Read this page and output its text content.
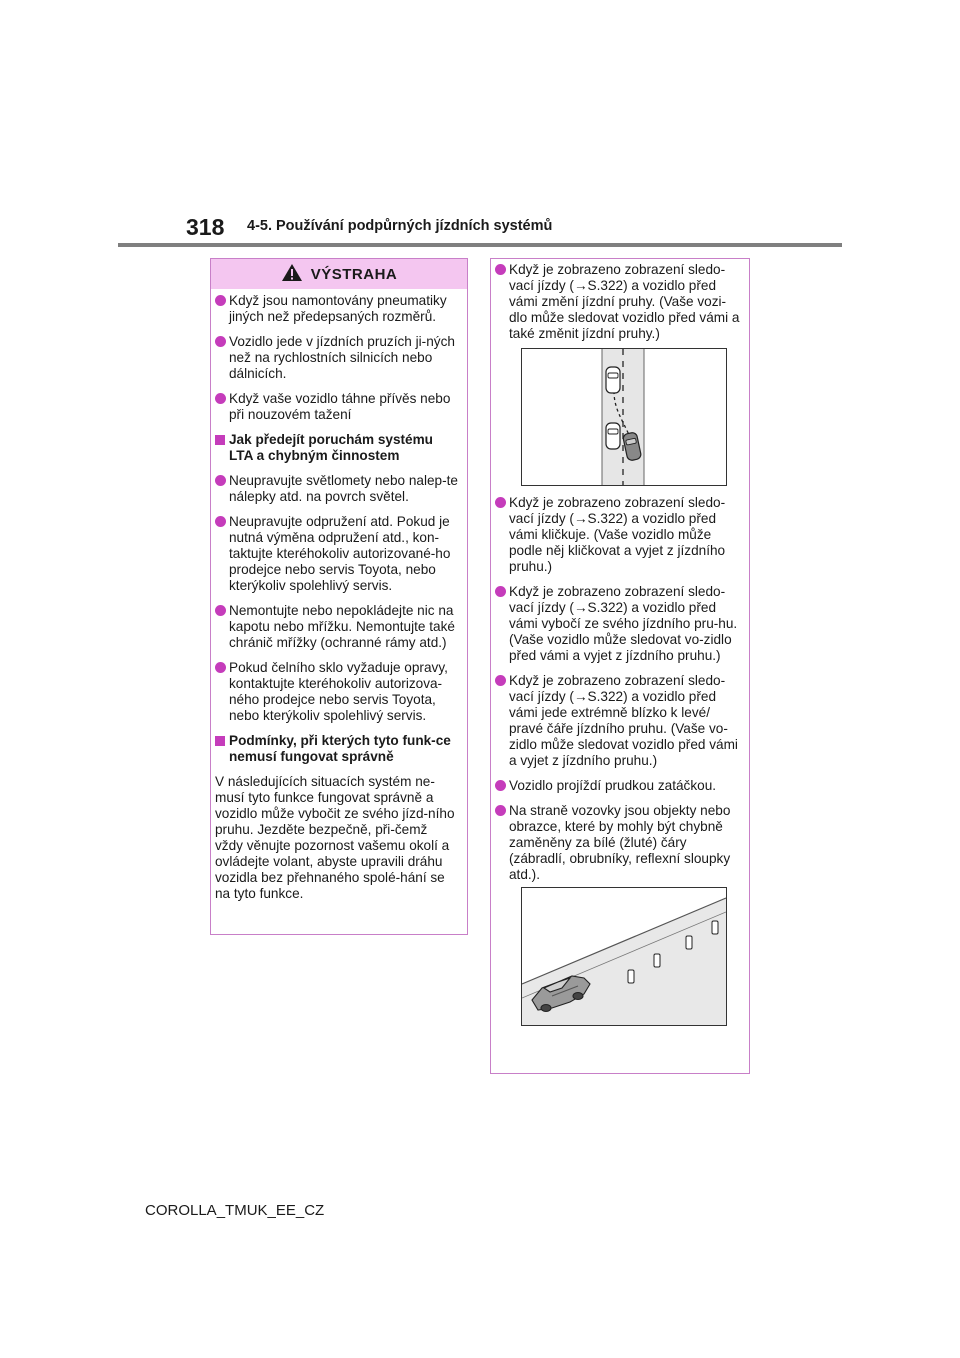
318 4-5. Používání podpůrných jízdních systémů
VÝSTRAHA
Když jsou namontovány pneumatiky jiných než předepsaných rozměrů.
Vozidlo jede v jízdních pruzích ji-ných než na rychlostních silnicích nebo dálnicích.
Když vaše vozidlo táhne přívěs nebo při nouzovém tažení
Jak předejít poruchám systému LTA a chybným činnostem
Neupravujte světlomety nebo nalep-te nálepky atd. na povrch světel.
Neupravujte odpružení atd. Pokud je nutná výměna odpružení atd., kon-taktujte kteréhokoliv autorizované-ho prodejce nebo servis Toyota, nebo kterýkoliv spolehlivý servis.
Nemontujte nebo nepokládejte nic na kapotu nebo mřížku. Nemontujte také chránič mřížky (ochranné rámy atd.)
Pokud čelního sklo vyžaduje opravy, kontaktujte kteréhokoliv autorizova-ného prodejce nebo servis Toyota, nebo kterýkoliv spolehlivý servis.
Podmínky, při kterých tyto funk-ce nemusí fungovat správně

V následujících situacích systém ne-musí tyto funkce fungovat správně a vozidlo může vybočit ze svého jízd-ního pruhu. Jezděte bezpečně, při-čemž vždy věnujte pozornost vašemu okolí a ovládejte volant, abyste upravili dráhu vozidla bez přehnaného spolé-hání se na tyto funkce.

Když je zobrazeno zobrazení sledo-vací jízdy (→S.322) a vozidlo před vámi změní jízdní pruhy. (Vaše vozi-dlo může sledovat vozidlo před vámi a také změnit jízdní pruhy.)
Když je zobrazeno zobrazení sledo-vací jízdy (→S.322) a vozidlo před vámi kličkuje. (Vaše vozidlo může podle něj kličkovat a vyjet z jízdního pruhu.)
Když je zobrazeno zobrazení sledo-vací jízdy (→S.322) a vozidlo před vámi vybočí ze svého jízdního pru-hu. (Vaše vozidlo může sledovat vo-zidlo před vámi a vyjet z jízdního pruhu.)
Když je zobrazeno zobrazení sledo-vací jízdy (→S.322) a vozidlo před vámi jede extrémně blízko k levé/ pravé čáře jízdního pruhu. (Vaše vo-zidlo může sledovat vozidlo před vámi a vyjet z jízdního pruhu.)
Vozidlo projíždí prudkou zatáčkou.
Na straně vozovky jsou objekty nebo obrazce, které by mohly být chybně zaměněny za bílé (žluté) čáry (zábradlí, obrubníky, reflexní sloupky atd.).
COROLLA_TMUK_EE_CZ
